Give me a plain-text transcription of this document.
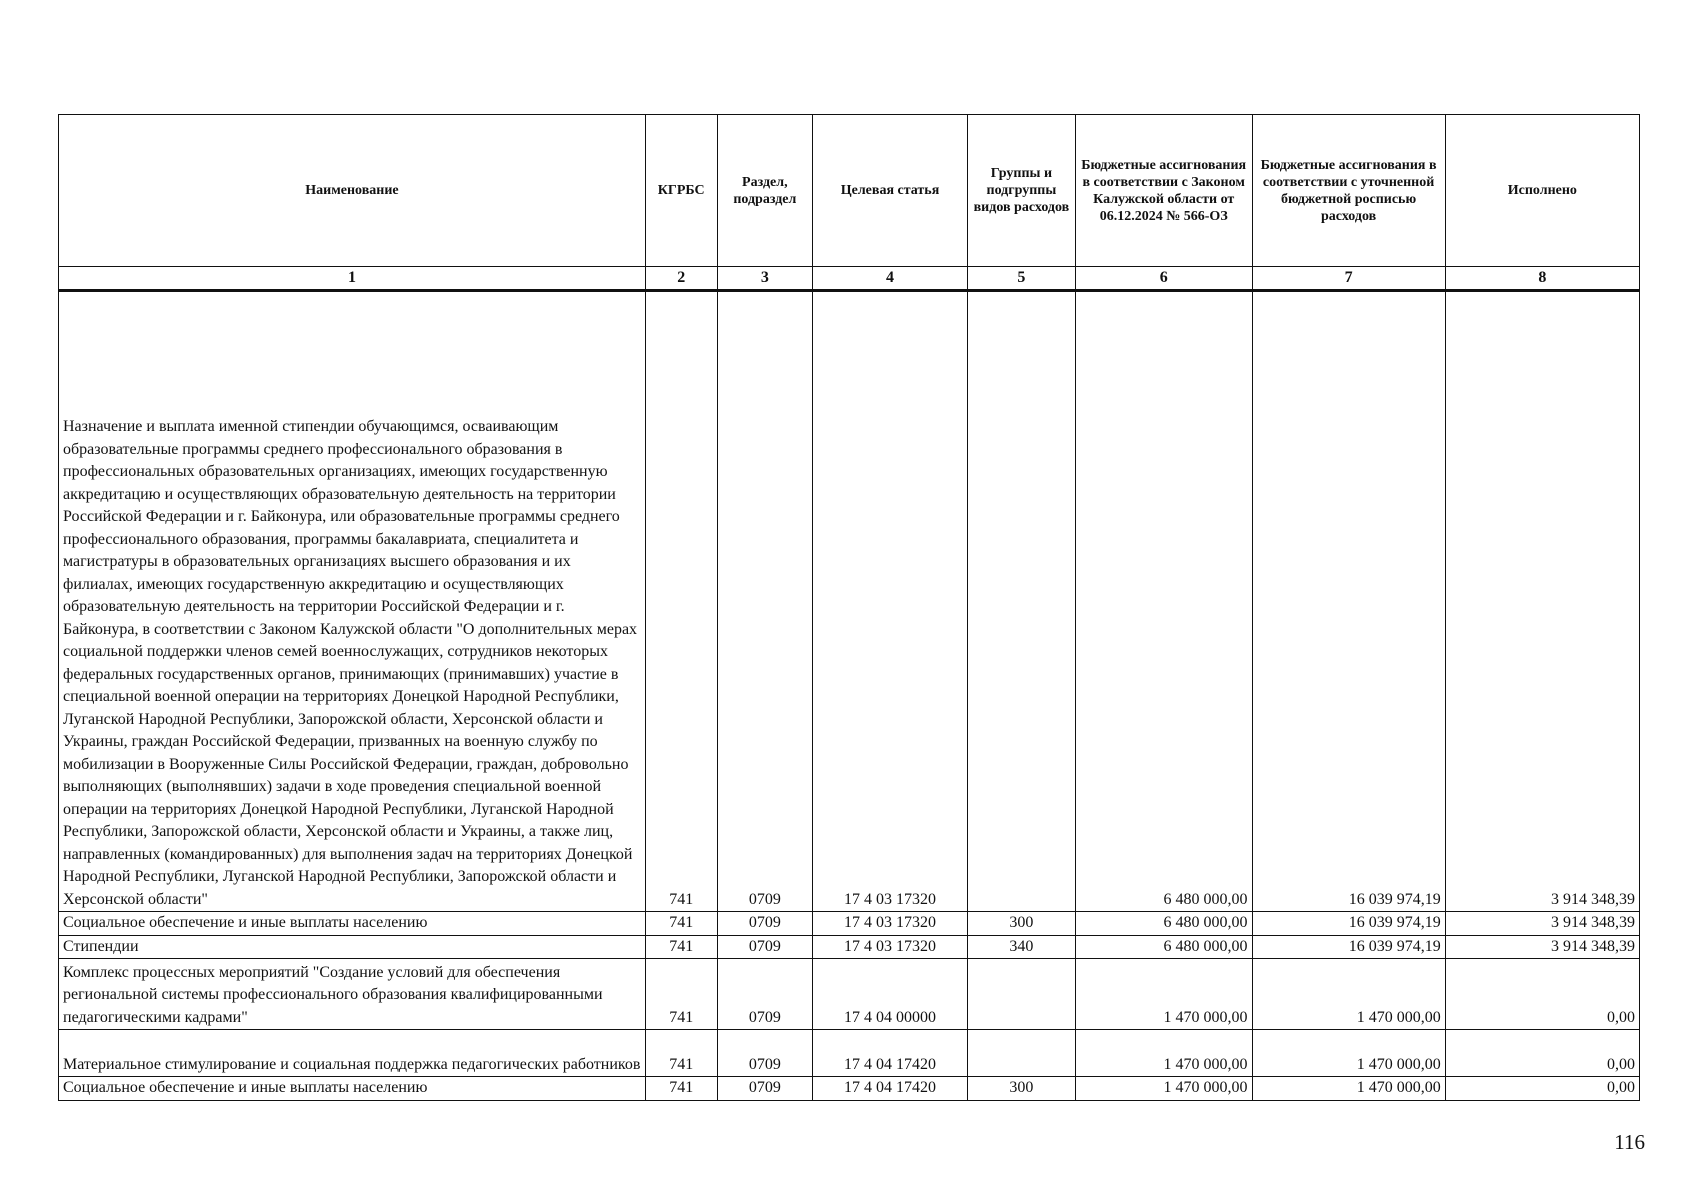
Наименование	КГРБС	Раздел, подраздел	Целевая статья	Группы и подгруппы видов расходов	Бюджетные ассигнования в соответствии с Законом Калужской области от 06.12.2024 № 566-ОЗ	Бюджетные ассигнования в соответствии с уточненной бюджетной росписью расходов	Исполнено
1	2	3	4	5	6	7	8
Назначение и выплата именной стипендии обучающимся, осваивающим образовательные программы среднего профессионального образования в профессиональных образовательных организациях, имеющих государственную аккредитацию и осуществляющих образовательную деятельность на территории Российской Федерации и г. Байконура, или образовательные программы среднего профессионального образования, программы бакалавриата, специалитета и магистратуры в образовательных организациях высшего образования и их филиалах, имеющих государственную аккредитацию и осуществляющих образовательную деятельность на территории Российской Федерации и г. Байконура, в соответствии с Законом Калужской области "О дополнительных мерах социальной поддержки членов семей военнослужащих, сотрудников некоторых федеральных государственных органов, принимающих (принимавших) участие в специальной военной операции на территориях Донецкой Народной Республики, Луганской Народной Республики, Запорожской области, Херсонской области и Украины, граждан Российской Федерации, призванных на военную службу по мобилизации в Вооруженные Силы Российской Федерации, граждан, добровольно выполняющих (выполнявших) задачи в ходе проведения специальной военной операции на территориях Донецкой Народной Республики, Луганской Народной Республики, Запорожской области, Херсонской области и Украины, а также лиц, направленных (командированных) для выполнения задач на территориях Донецкой Народной Республики, Луганской Народной Республики, Запорожской области и Херсонской области"	741	0709	17 4 03 17320		6 480 000,00	16 039 974,19	3 914 348,39
Социальное обеспечение и иные выплаты населению	741	0709	17 4 03 17320	300	6 480 000,00	16 039 974,19	3 914 348,39
Стипендии	741	0709	17 4 03 17320	340	6 480 000,00	16 039 974,19	3 914 348,39
Комплекс процессных мероприятий "Создание условий для обеспечения региональной системы профессионального образования квалифицированными педагогическими кадрами"	741	0709	17 4 04 00000		1 470 000,00	1 470 000,00	0,00
Материальное стимулирование и социальная поддержка педагогических работников	741	0709	17 4 04 17420		1 470 000,00	1 470 000,00	0,00
Социальное обеспечение и иные выплаты населению	741	0709	17 4 04 17420	300	1 470 000,00	1 470 000,00	0,00
116
